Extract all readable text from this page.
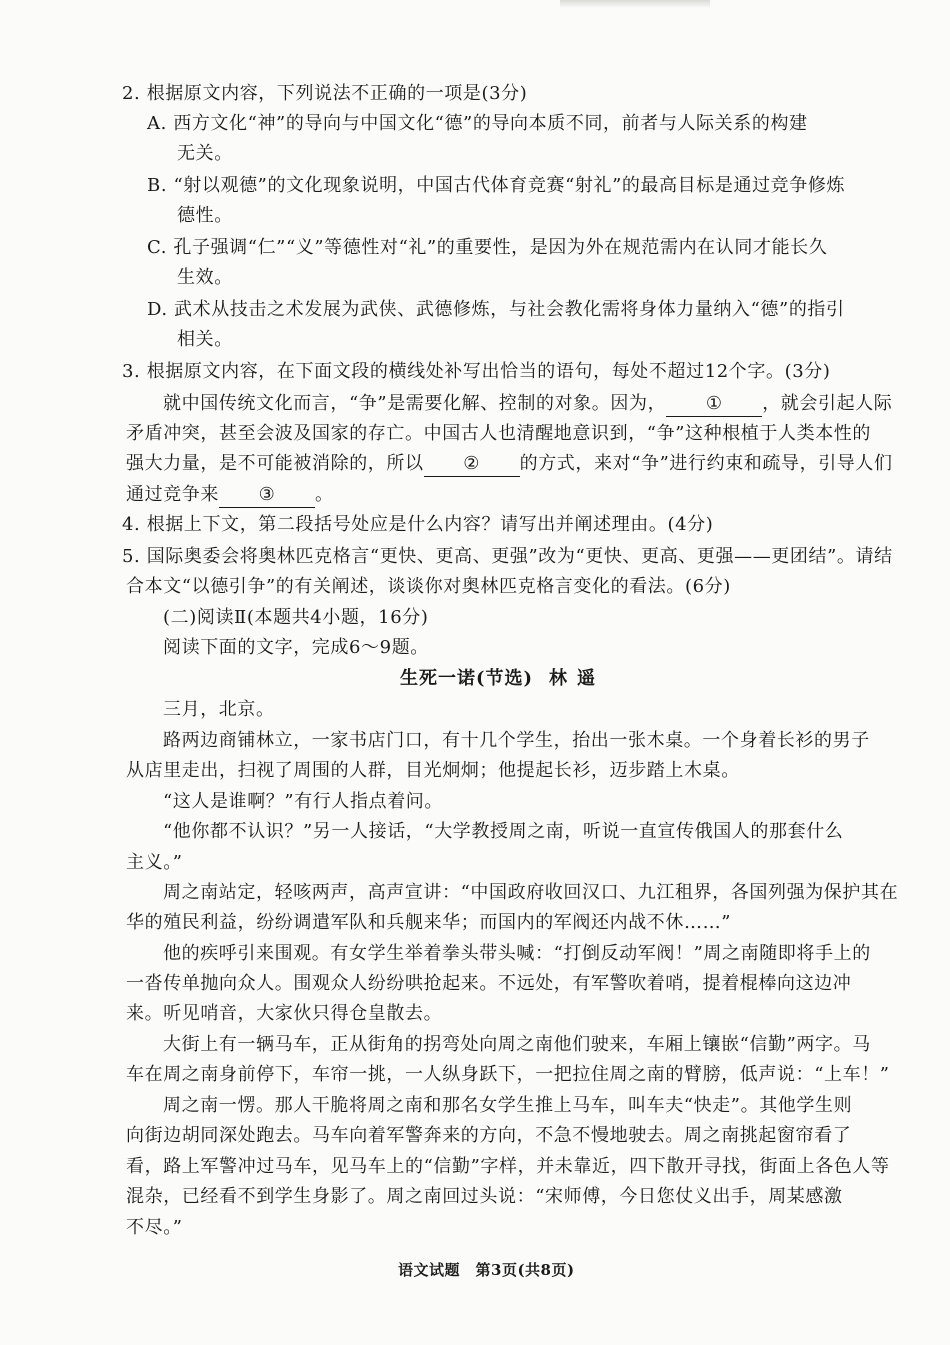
2. 根据原文内容，下列说法不正确的一项是(3分)
A. 西方文化“神”的导向与中国文化“德”的导向本质不同，前者与人际关系的构建
无关。
B. “射以观德”的文化现象说明，中国古代体育竞赛“射礼”的最高目标是通过竞争修炼
德性。
C. 孔子强调“仁”“义”等德性对“礼”的重要性，是因为外在规范需内在认同才能长久
生效。
D. 武术从技击之术发展为武侠、武德修炼，与社会教化需将身体力量纳入“德”的指引
相关。
3. 根据原文内容，在下面文段的横线处补写出恰当的语句，每处不超过12个字。(3分)
就中国传统文化而言，“争”是需要化解、控制的对象。因为， ① ，就会引起人际
矛盾冲突，甚至会波及国家的存亡。中国古人也清醒地意识到，“争”这种根植于人类本性的
强大力量，是不可能被消除的，所以 ② 的方式，来对“争”进行约束和疏导，引导人们
通过竞争来 ③ 。
4. 根据上下文，第二段括号处应是什么内容？请写出并阐述理由。(4分)
5. 国际奥委会将奥林匹克格言“更快、更高、更强”改为“更快、更高、更强——更团结”。请结
合本文“以德引争”的有关阐述，谈谈你对奥林匹克格言变化的看法。(6分)
(二)阅读Ⅱ(本题共4小题，16分)
阅读下面的文字，完成6～9题。
生死一诺(节选) 林遥
三月，北京。
路两边商铺林立，一家书店门口，有十几个学生，抬出一张木桌。一个身着长衫的男子
从店里走出，扫视了周围的人群，目光炯炯；他提起长衫，迈步踏上木桌。
“这人是谁啊？”有行人指点着问。
“他你都不认识？”另一人接话，“大学教授周之南，听说一直宣传俄国人的那套什么
主义。”
周之南站定，轻咳两声，高声宣讲：“中国政府收回汉口、九江租界，各国列强为保护其在
华的殖民利益，纷纷调遣军队和兵舰来华；而国内的军阀还内战不休……”
他的疾呼引来围观。有女学生举着拳头带头喊：“打倒反动军阀！”周之南随即将手上的
一沓传单抛向众人。围观众人纷纷哄抢起来。不远处，有军警吹着哨，提着棍棒向这边冲
来。听见哨音，大家伙只得仓皇散去。
大街上有一辆马车，正从街角的拐弯处向周之南他们驶来，车厢上镶嵌“信勤”两字。马
车在周之南身前停下，车帘一挑，一人纵身跃下，一把拉住周之南的臂膀，低声说：“上车！”
周之南一愣。那人干脆将周之南和那名女学生推上马车，叫车夫“快走”。其他学生则
向街边胡同深处跑去。马车向着军警奔来的方向，不急不慢地驶去。周之南挑起窗帘看了
看，路上军警冲过马车，见马车上的“信勤”字样，并未靠近，四下散开寻找，街面上各色人等
混杂，已经看不到学生身影了。周之南回过头说：“宋师傅，今日您仗义出手，周某感激
不尽。”
语文试题　第3页(共8页)
